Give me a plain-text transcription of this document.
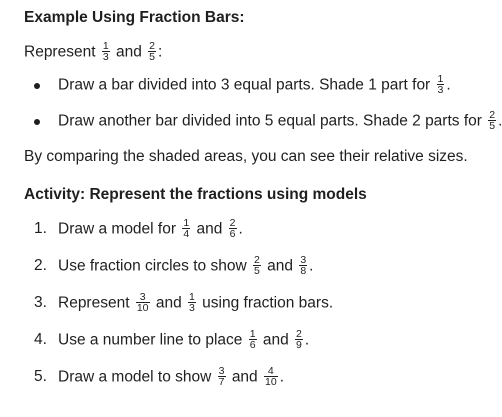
Example Using Fraction Bars:

Represent $\frac{1}{3}$ and $\frac{2}{5}$ :
Draw a bar divided into 3 equal parts. Shade 1 part for $\frac{1}{3}$ .
Draw another bar divided into 5 equal parts. Shade 2 parts for $\frac{2}{5}$ .
By comparing the shaded areas, you can see their relative sizes.

Activity: Represent the fractions using models

1. Draw a model for $\frac{1}{4}$ and $\frac{2}{6}$ .
2. Use fraction circles to show $\frac{2}{5}$ and $\frac{3}{8}$ .
3. Represent $\frac{3}{10}$ and $\frac{1}{3}$ using fraction bars.
4. Use a number line to place $\frac{1}{6}$ and $\frac{2}{9}$ .
5. Draw a model to show $\frac{3}{7}$ and $\frac{4}{10}$ .
